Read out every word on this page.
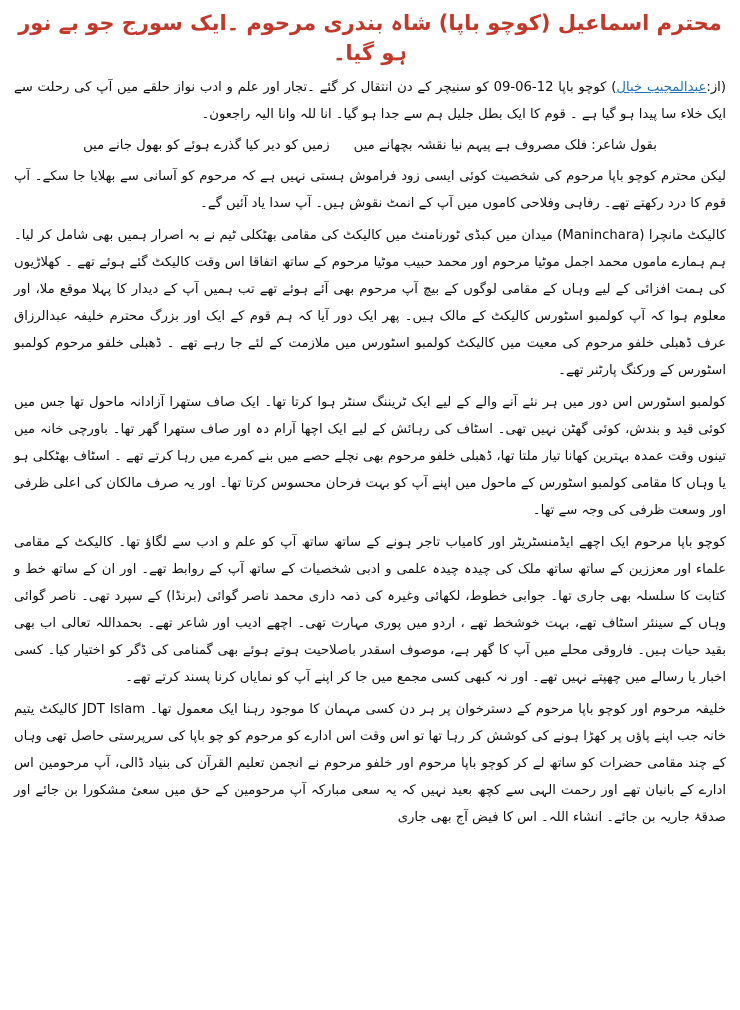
محترم اسماعیل (کوچو باپا) شاہ بندری مرحوم ۔ایک سورج جو بے نور ہو گیا۔

(از:عبدالمجیب خیال) کوچو باپا 12-06-09 کو سنیچر کے دن انتقال کر گئے ۔تجار اور علم و ادب نواز حلقے میں آپ کی رحلت سے ایک خلاء سا پیدا ہو گیا ہے ۔ قوم کا ایک بطل جلیل ہم سے جدا ہو گیا۔ انا للہ وانا الیہ راجعون۔

بقول شاعر: فلک مصروف ہے پیہم نیا نقشہ بچھانے میں
زمیں کو دیر کیا گذرے ہوئے کو بھول جانے میں

لیکن محترم کوچو باپا مرحوم کی شخصیت کوئی ایسی زود فراموش ہستی نہیں ہے کہ مرحوم کو آسانی سے بھلایا جا سکے۔ آپ قوم کا درد رکھتے تھے۔ رفاہی وفلاحی کاموں میں آپ کے انمٹ نقوش ہیں۔ آپ سدا یاد آئیں گے۔

کالیکٹ مانچرا (Maninchara) میدان میں کبڈی ٹورنامنٹ میں کالیکٹ کی مقامی بھٹکلی ٹیم نے بہ اصرار ہمیں بھی شامل کر لیا۔ ہم ہمارے ماموں محمد اجمل موٹیا مرحوم اور محمد حبیب موٹیا مرحوم کے ساتھ اتفاقا اس وقت کالیکٹ گئے ہوئے تھے ۔ کھلاڑیوں کی ہمت افزائی کے لیے وہاں کے مقامی لوگوں کے بیچ آپ مرحوم بھی آئے ہوئے تھے تب ہمیں آپ کے دیدار کا پہلا موقع ملا، اور معلوم ہوا کہ آپ کولمبو اسٹورس کالیکٹ کے مالک ہیں۔ پھر ایک دور آیا کہ ہم قوم کے ایک اور بزرگ محترم خلیفہ عبدالرزاق عرف ڈھبلی خلفو مرحوم کی معیت میں کالیکٹ کولمبو اسٹورس میں ملازمت کے لئے جا رہے تھے ۔ ڈھبلی خلفو مرحوم کولمبو اسٹورس کے ورکنگ پارٹنر تھے۔

کولمبو اسٹورس اس دور میں ہر نئے آنے والے کے لیے ایک ٹریننگ سنٹر ہوا کرتا تھا۔ ایک صاف ستھرا آزادانہ ماحول تھا جس میں کوئی قید و بندش، کوئی گھٹن نہیں تھی۔ اسٹاف کی رہائش کے لیے ایک اچھا آرام دہ اور صاف ستھرا گھر تھا۔ باورچی خانہ میں تینوں وقت عمدہ بہترین کھانا تیار ملتا تھا، ڈھبلی خلفو مرحوم بھی نچلے حصے میں بنے کمرے میں رہا کرتے تھے ۔ اسٹاف بھٹکلی ہو یا وہاں کا مقامی کولمبو اسٹورس کے ماحول میں اپنے آپ کو بہت فرحان محسوس کرتا تھا۔ اور یہ صرف مالکان کی اعلی ظرفی اور وسعت ظرفی کی وجہ سے تھا۔

کوچو باپا مرحوم ایک اچھے ایڈمنسٹریٹر اور کامیاب تاجر ہونے کے ساتھ ساتھ آپ کو علم و ادب سے لگاؤ تھا۔ کالیکٹ کے مقامی علماء اور معززین کے ساتھ ساتھ ملک کی چیدہ چیدہ علمی و ادبی شخصیات کے ساتھ آپ کے روابط تھے۔ اور ان کے ساتھ خط و کتابت کا سلسلہ بھی جاری تھا۔ جوابی خطوط، لکھائی وغیرہ کی ذمہ داری محمد ناصر گوائی (برنڈا) کے سپرد تھی۔ ناصر گوائی وہاں کے سینئر اسٹاف تھے، بہت خوشخط تھے ، اردو میں پوری مہارت تھی۔ اچھے ادیب اور شاعر تھے۔ بحمداللہ تعالی اب بھی بقید حیات ہیں۔ فاروقی محلے میں آپ کا گھر ہے، موصوف اسقدر باصلاحیت ہوتے ہوئے بھی گمنامی کی ڈگر کو اختیار کیا۔ کسی اخبار یا رسالے میں چھپتے نہیں تھے۔ اور نہ کبھی کسی مجمع میں جا کر اپنے آپ کو نمایاں کرنا پسند کرتے تھے۔

خلیفہ مرحوم اور کوچو باپا مرحوم کے دسترخوان پر ہر دن کسی مہمان کا موجود رہنا ایک معمول تھا۔ JDT Islam کالیکٹ یتیم خانہ جب اپنے پاؤں پر کھڑا ہونے کی کوشش کر رہا تھا تو اس وقت اس ادارے کو مرحوم کو چو باپا کی سرپرستی حاصل تھی وہاں کے چند مقامی حضرات کو ساتھ لے کر کوچو باپا مرحوم اور خلفو مرحوم نے انجمن تعلیم القرآن کی بنیاد ڈالی، آپ مرحومین اس ادارے کے بانیان تھے اور رحمت الہی سے کچھ بعید نہیں کہ یہ سعی مبارکہ آپ مرحومین کے حق میں سعیٔ مشکورا بن جائے اور صدقۂ جاریہ بن جائے۔ انشاء اللہ۔ اس کا فیض آج بھی جاری
